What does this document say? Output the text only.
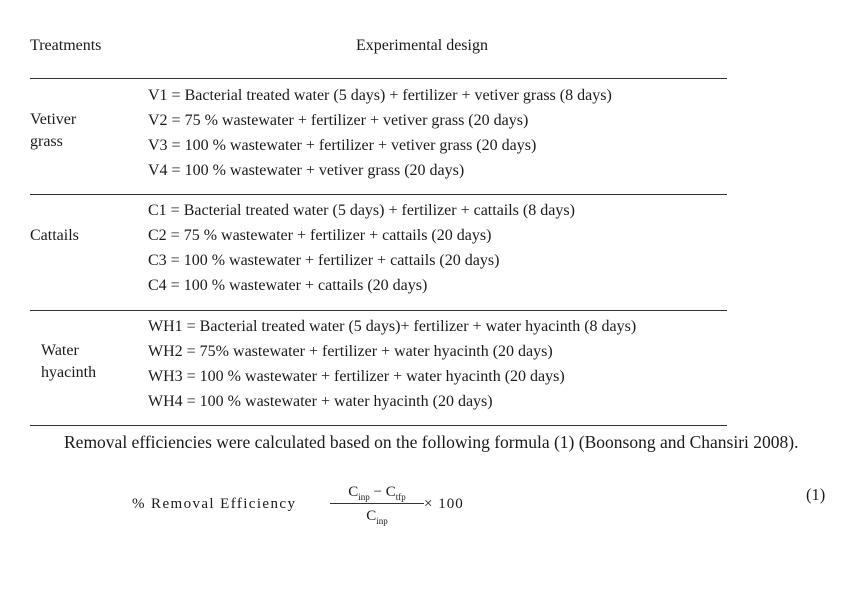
Treatments	Experimental design
Vetiver
grass
V1 = Bacterial treated water (5 days) + fertilizer + vetiver grass (8 days)
V2 = 75 % wastewater + fertilizer + vetiver grass (20 days)
V3 = 100 % wastewater + fertilizer + vetiver grass (20 days)
V4 = 100 % wastewater + vetiver grass (20 days)
Cattails
C1 = Bacterial treated water (5 days) + fertilizer + cattails (8 days)
C2 = 75 % wastewater + fertilizer + cattails (20 days)
C3 = 100 % wastewater + fertilizer + cattails (20 days)
C4 = 100 % wastewater + cattails (20 days)
Water
hyacinth
WH1 = Bacterial treated water (5 days)+ fertilizer + water hyacinth (8 days)
WH2 = 75% wastewater + fertilizer + water hyacinth (20 days)
WH3 = 100 % wastewater + fertilizer + water hyacinth (20 days)
WH4 = 100 % wastewater + water hyacinth (20 days)
Removal efficiencies were calculated based on the following formula (1) (Boonsong and Chansiri 2008).
% Removal Efficiency
$C_{inp} - C_{tfp}$
$C_{inp}$
× 100	(1)
